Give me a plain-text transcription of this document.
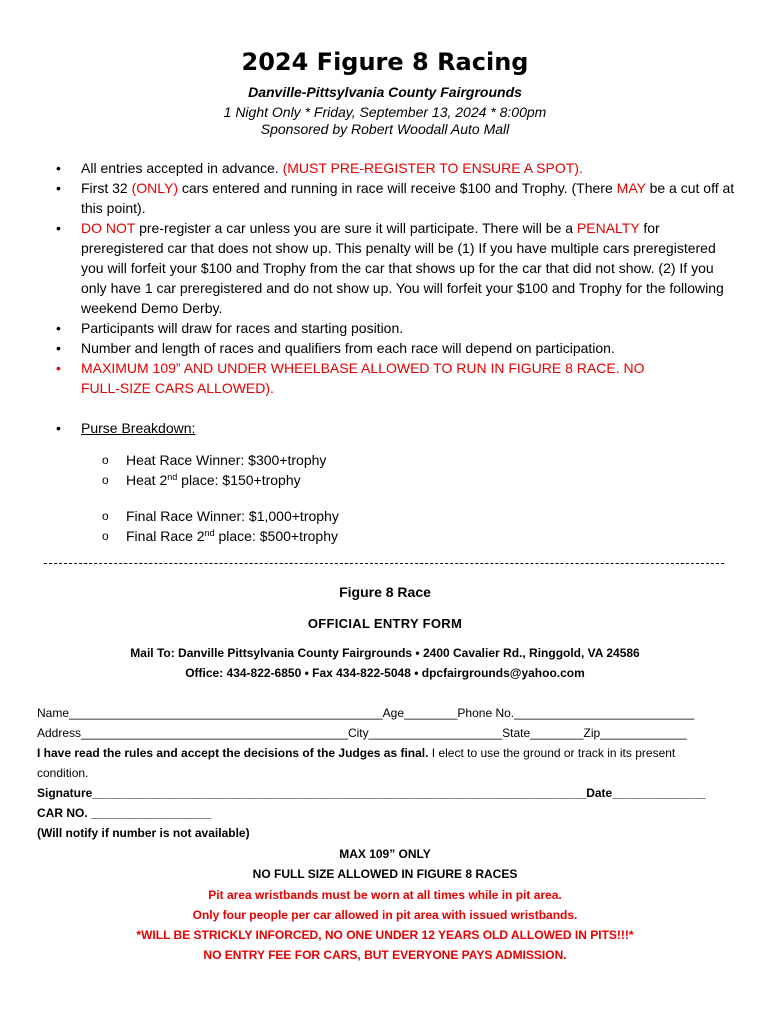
2024 Figure 8 Racing
Danville-Pittsylvania County Fairgrounds
1 Night Only * Friday, September 13, 2024 * 8:00pm
Sponsored by Robert Woodall Auto Mall
• All entries accepted in advance. (MUST PRE-REGISTER TO ENSURE A SPOT).
• First 32 (ONLY) cars entered and running in race will receive $100 and Trophy. (There MAY be a cut off at this point).
• DO NOT pre-register a car unless you are sure it will participate. There will be a PENALTY for preregistered car that does not show up. This penalty will be (1) If you have multiple cars preregistered you will forfeit your $100 and Trophy from the car that shows up for the car that did not show. (2) If you only have 1 car preregistered and do not show up. You will forfeit your $100 and Trophy for the following weekend Demo Derby.
• Participants will draw for races and starting position.
• Number and length of races and qualifiers from each race will depend on participation.
• MAXIMUM 109” AND UNDER WHEELBASE ALLOWED TO RUN IN FIGURE 8 RACE. NO FULL-SIZE CARS ALLOWED).
• Purse Breakdown:
o Heat Race Winner: $300+trophy
o Heat 2nd place: $150+trophy
o Final Race Winner: $1,000+trophy
o Final Race 2nd place: $500+trophy
Figure 8 Race
OFFICIAL ENTRY FORM
Mail To: Danville Pittsylvania County Fairgrounds • 2400 Cavalier Rd., Ringgold, VA 24586
Office: 434-822-6850 • Fax 434-822-5048 • dpcfairgrounds@yahoo.com
Name_______________________________________________Age________Phone No.___________________________
Address________________________________________City____________________State________Zip_____________
I have read the rules and accept the decisions of the Judges as final. I elect to use the ground or track in its present
condition.
Signature__________________________________________________________________________Date______________
CAR NO. __________________
(Will notify if number is not available)
MAX 109” ONLY
NO FULL SIZE ALLOWED IN FIGURE 8 RACES
Pit area wristbands must be worn at all times while in pit area.
Only four people per car allowed in pit area with issued wristbands.
*WILL BE STRICKLY INFORCED, NO ONE UNDER 12 YEARS OLD ALLOWED IN PITS!!!*
NO ENTRY FEE FOR CARS, BUT EVERYONE PAYS ADMISSION.
